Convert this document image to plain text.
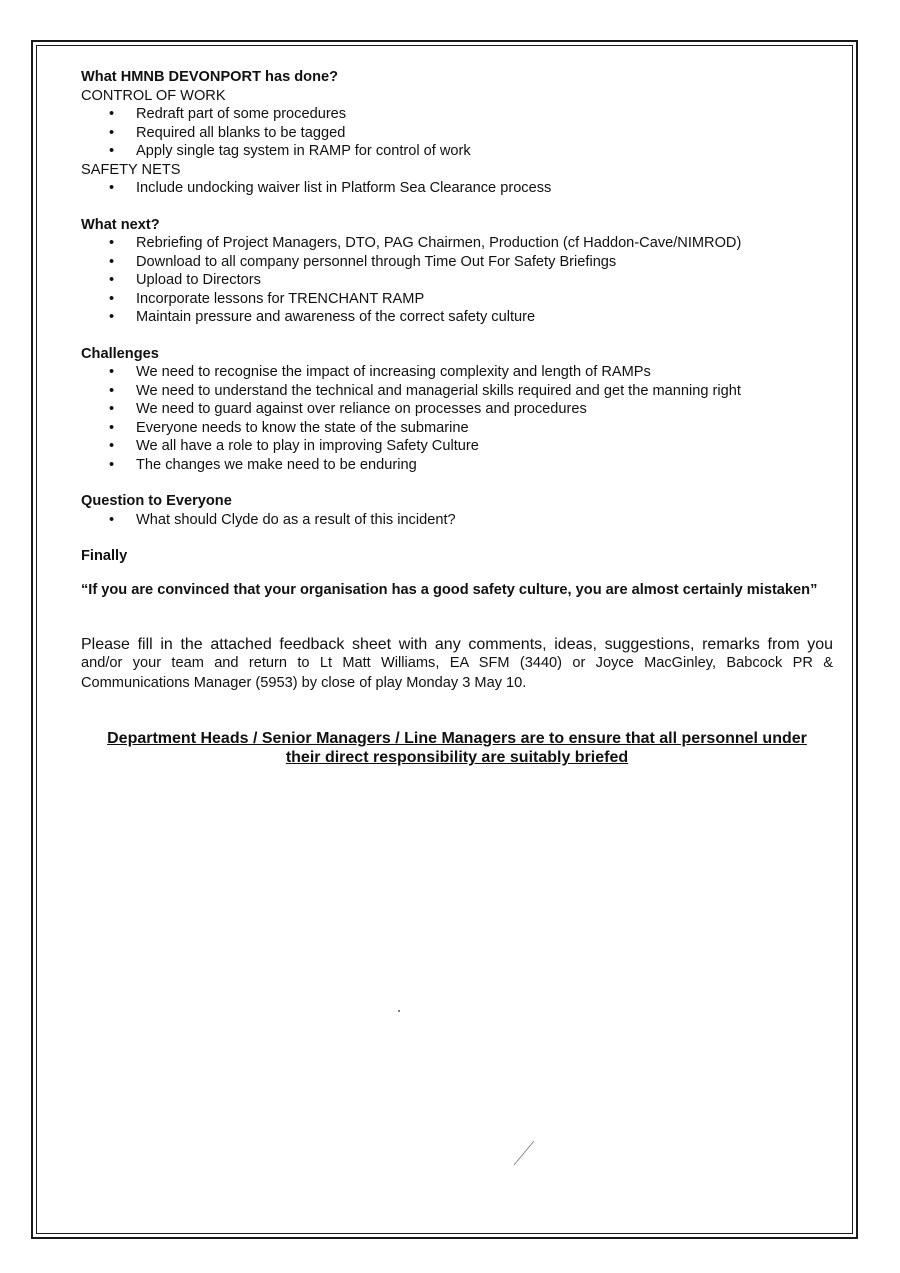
What HMNB DEVONPORT has done?
CONTROL OF WORK
• Redraft part of some procedures
• Required all blanks to be tagged
• Apply single tag system in RAMP for control of work
SAFETY NETS
• Include undocking waiver list in Platform Sea Clearance process
What next?
• Rebriefing of Project Managers, DTO, PAG Chairmen, Production (cf Haddon-Cave/NIMROD)
• Download to all company personnel through Time Out For Safety Briefings
• Upload to Directors
• Incorporate lessons for TRENCHANT RAMP
• Maintain pressure and awareness of the correct safety culture
Challenges
• We need to recognise the impact of increasing complexity and length of RAMPs
• We need to understand the technical and managerial skills required and get the manning right
• We need to guard against over reliance on processes and procedures
• Everyone needs to know the state of the submarine
• We all have a role to play in improving Safety Culture
• The changes we make need to be enduring
Question to Everyone
• What should Clyde do as a result of this incident?
Finally
“If you are convinced that your organisation has a good safety culture, you are almost certainly mistaken”
Please fill in the attached feedback sheet with any comments, ideas, suggestions, remarks from you
and/or your team and return to Lt Matt Williams, EA SFM (3440) or Joyce MacGinley, Babcock PR &
Communications Manager (5953) by close of play Monday 3 May 10.
Department Heads / Senior Managers / Line Managers are to ensure that all personnel under
their direct responsibility are suitably briefed
